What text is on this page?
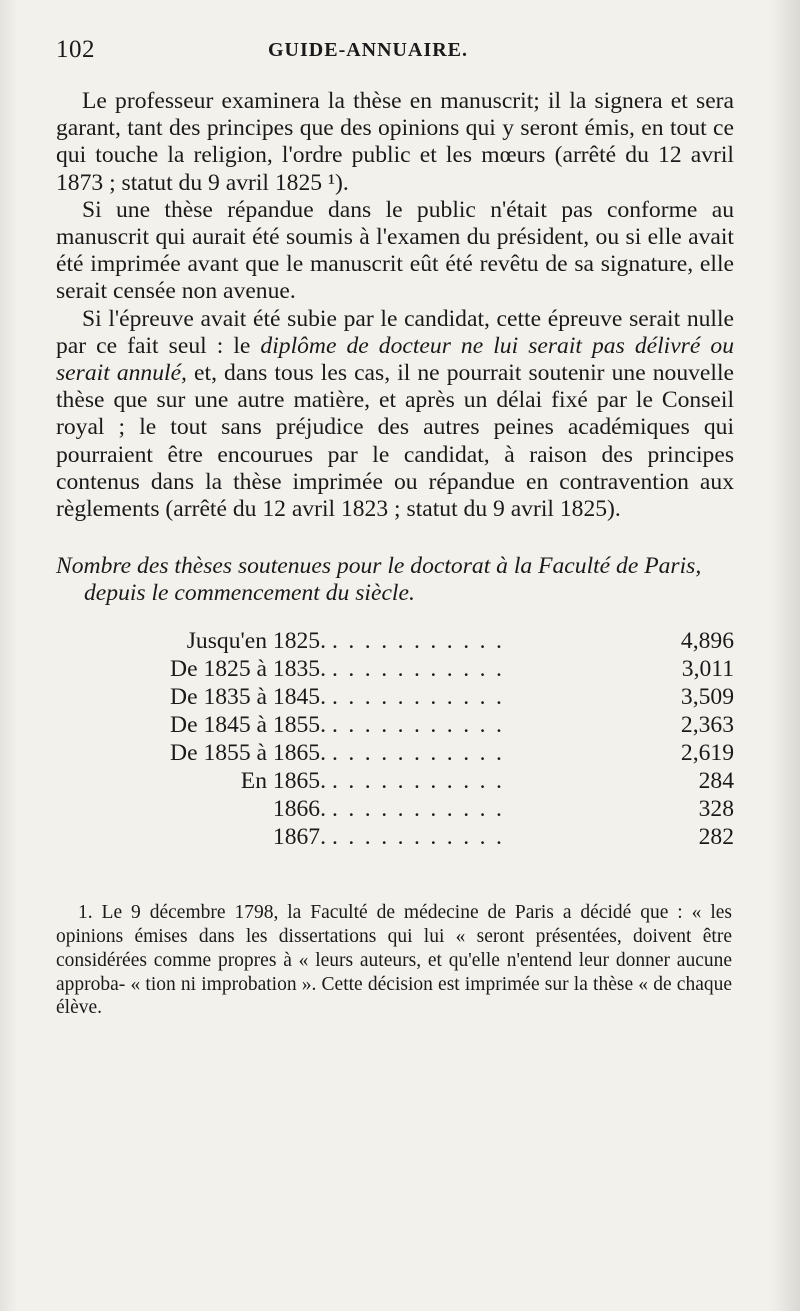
102	GUIDE-ANNUAIRE.

Le professeur examinera la thèse en manuscrit; il la signera et sera garant, tant des principes que des opinions qui y seront émis, en tout ce qui touche la religion, l'ordre public et les mœurs (arrêté du 12 avril 1873 ; statut du 9 avril 1825 ¹).

Si une thèse répandue dans le public n'était pas conforme au manuscrit qui aurait été soumis à l'examen du président, ou si elle avait été imprimée avant que le manuscrit eût été revêtu de sa signature, elle serait censée non avenue.

Si l'épreuve avait été subie par le candidat, cette épreuve serait nulle par ce fait seul : le diplôme de docteur ne lui serait pas délivré ou serait annulé, et, dans tous les cas, il ne pourrait soutenir une nouvelle thèse que sur une autre matière, et après un délai fixé par le Conseil royal ; le tout sans préjudice des autres peines académiques qui pourraient être encourues par le candidat, à raison des principes contenus dans la thèse imprimée ou répandue en contravention aux règlements (arrêté du 12 avril 1823 ; statut du 9 avril 1825).

Nombre des thèses soutenues pour le doctorat à la Faculté de Paris, depuis le commencement du siècle.
Jusqu'en 1825. ...........	4,896
De 1825 à 1835. ...........	3,011
De 1835 à 1845. ...........	3,509
De 1845 à 1855. ...........	2,363
De 1855 à 1865. ...........	2,619
En 1865. ...........	284
1866. ...........	328
1867. ...........	282

1. Le 9 décembre 1798, la Faculté de médecine de Paris a décidé que : « les opinions émises dans les dissertations qui lui « seront présentées, doivent être considérées comme propres à « leurs auteurs, et qu'elle n'entend leur donner aucune approba- « tion ni improbation ». Cette décision est imprimée sur la thèse « de chaque élève.
